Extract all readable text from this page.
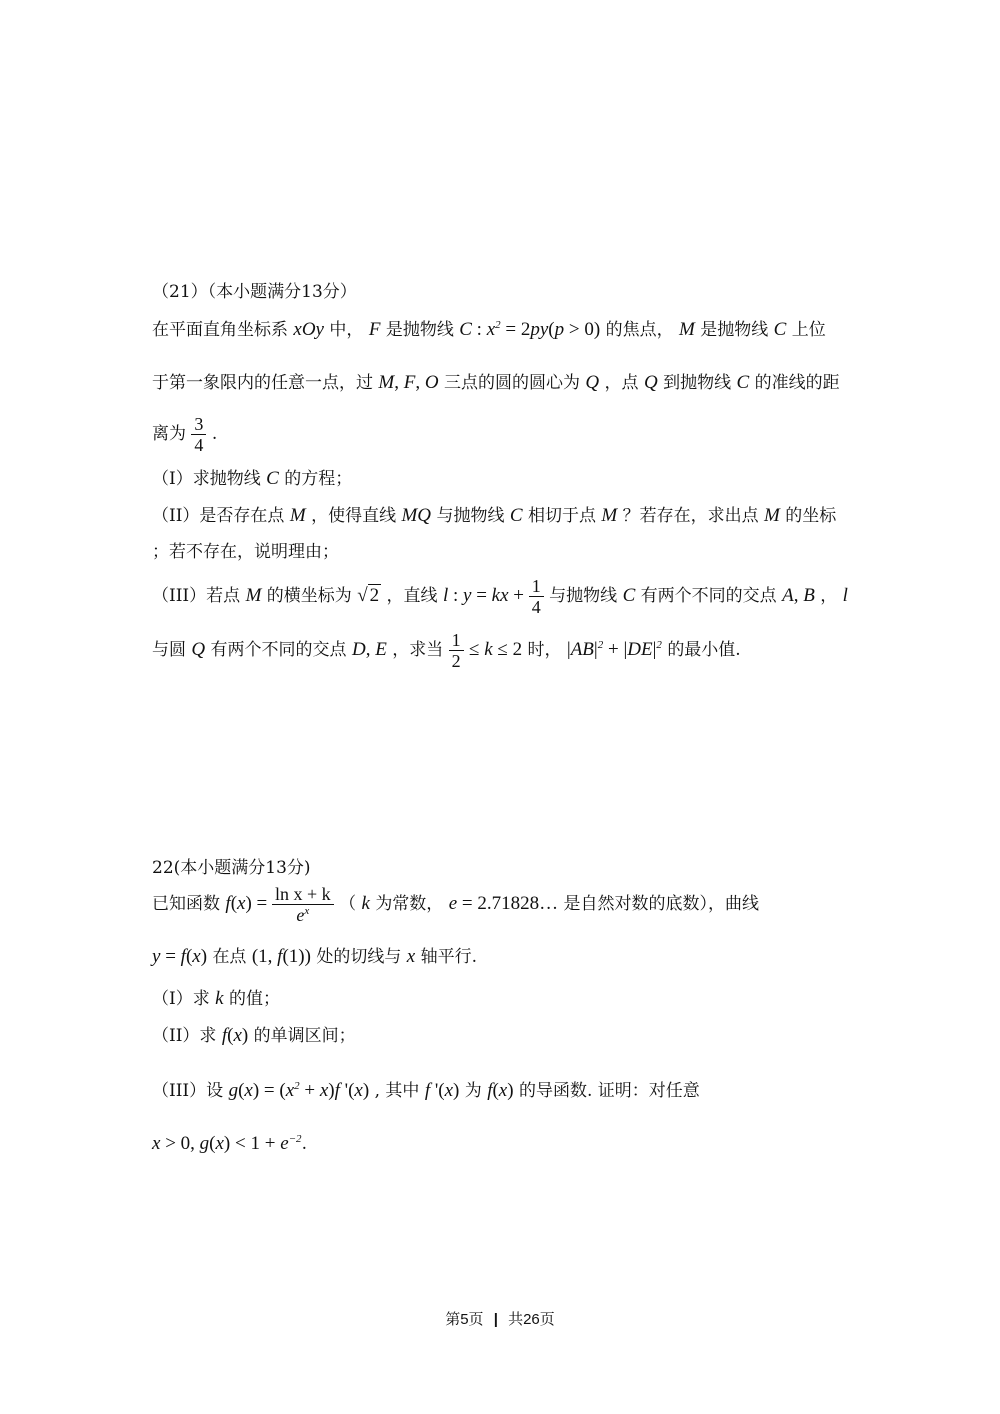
（21）（本小题满分13分）
在平面直角坐标系 xOy 中， F 是抛物线 C : $x^2 = 2py(p > 0)$ 的焦点， M 是抛物线 C 上位
于第一象限内的任意一点，过 M, F, O 三点的圆的圆心为 Q ，点 Q 到抛物线 C 的准线的距
离为 $\frac{3}{4}$ .
（I）求抛物线 C 的方程；
（II）是否存在点 M ，使得直线 MQ 与抛物线 C 相切于点 M ？若存在，求出点 M 的坐标
；若不存在，说明理由；
（III）若点 M 的横坐标为 √ 2 ，直线 l : y = kx + $\frac{1}{4}$ 与抛物线 C 有两个不同的交点 A, B ， l
与圆 Q 有两个不同的交点 D, E ，求当 $\frac{1}{2} \le k \le 2$ 时， $|AB|^2 + |DE|^2$ 的最小值.
22(本小题满分13分)
已知函数 $f(x) = \frac{\text{ln x + k}}{e^x}$ （ k 为常数， e = 2.71828… 是自然对数的底数），曲线
y = f(x) 在点 (1, f(1)) 处的切线与 x 轴平行.
（I）求 k 的值；
（II）求 f(x) 的单调区间；
（III）设 $g(x) = (x^2 + x)f$ '(x) , 其中 f '(x) 为 f(x) 的导函数. 证明：对任意
x > 0, $g(x) < 1 + e^{-2}$.
第5页 | 共26页
